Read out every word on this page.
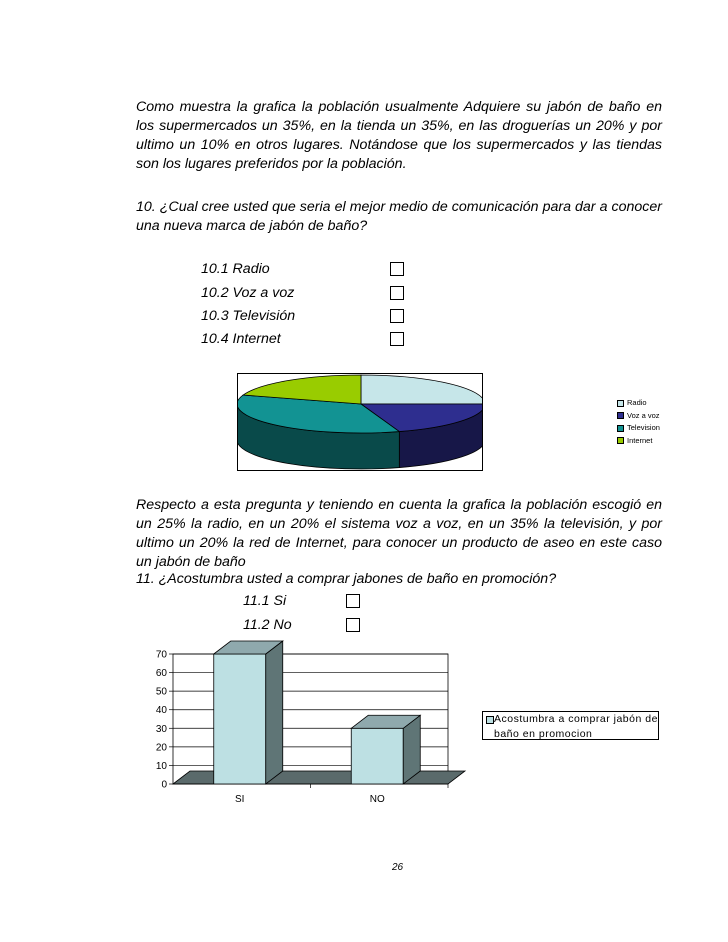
Como muestra la grafica la población usualmente Adquiere su jabón de baño en los supermercados un 35%, en la tienda un 35%, en las droguerías un 20% y por ultimo un 10% en otros lugares. Notándose que los supermercados y las tiendas son los lugares preferidos por la población.

10. ¿Cual cree usted que seria el mejor medio de comunicación para dar a conocer una nueva marca de jabón de baño?

10.1 Radio
10.2 Voz a voz
10.3 Televisión
10.4 Internet
Radio
Voz a voz
Television
Internet

Respecto a esta pregunta y teniendo en cuenta la grafica la población escogió en un 25% la radio, en un 20% el sistema voz a voz, en un 35% la televisión, y por ultimo un 20% la red de Internet, para conocer un producto de aseo en este caso un jabón de baño

11. ¿Acostumbra usted a comprar jabones de baño en promoción?
11.1 Si
11.2 No
0
10
20
30
40
50
60
70
SI	NO
Acostumbra a comprar jabón de baño en promocion
26
